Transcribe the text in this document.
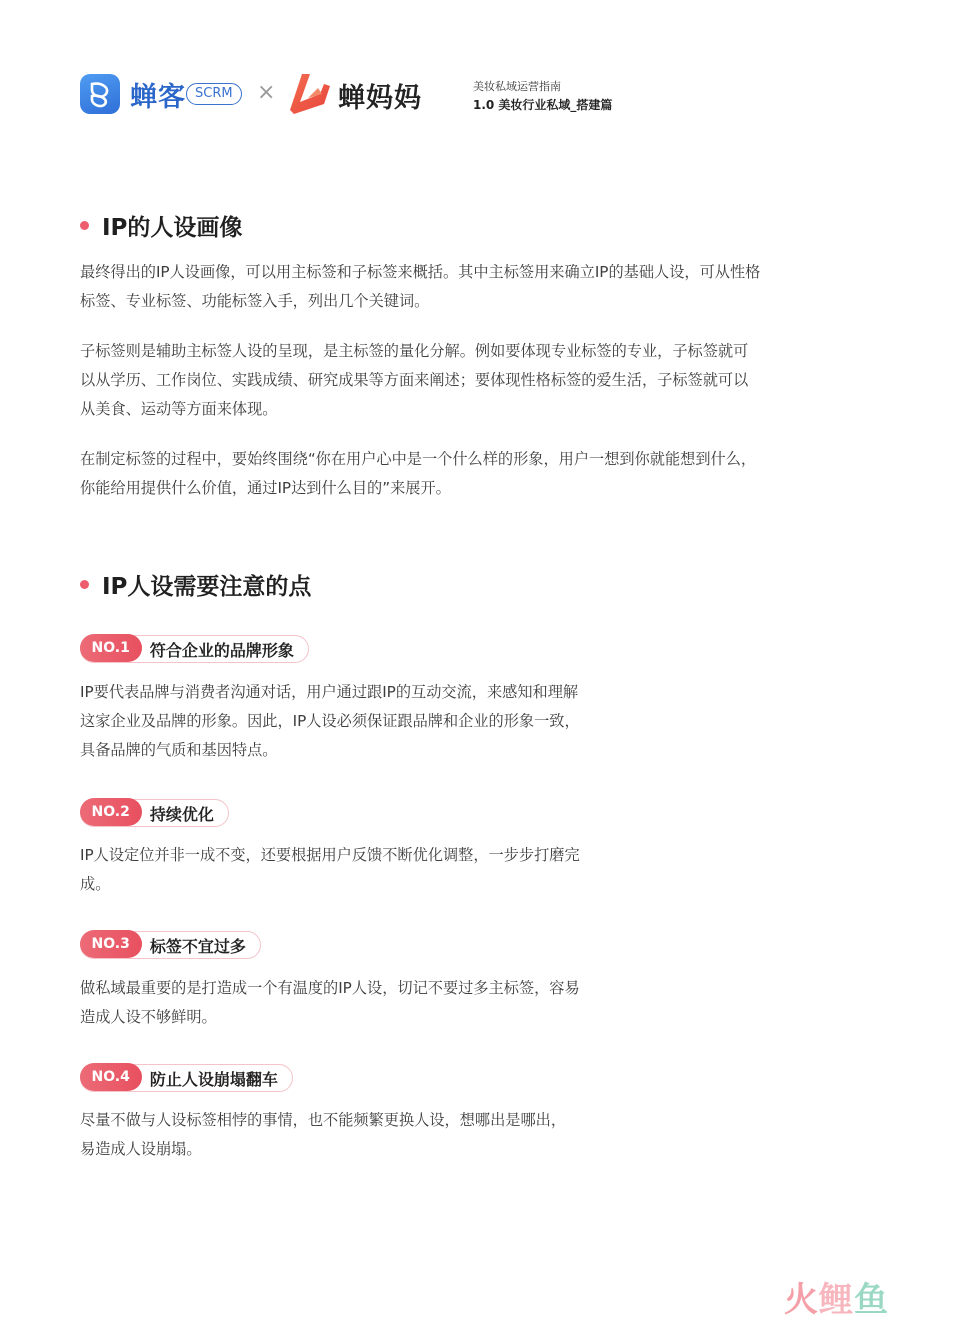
蝉客 SCRM	× 蝉妈妈	美妆私域运营指南
1.0 美妆行业私域_搭建篇
IP的人设画像

最终得出的IP人设画像，可以用主标签和子标签来概括。其中主标签用来确立IP的基础人设，可从性格标签、专业标签、功能标签入手，列出几个关键词。

子标签则是辅助主标签人设的呈现，是主标签的量化分解。例如要体现专业标签的专业，子标签就可以从学历、工作岗位、实践成绩、研究成果等方面来阐述；要体现性格标签的爱生活，子标签就可以从美食、运动等方面来体现。

在制定标签的过程中，要始终围绕“你在用户心中是一个什么样的形象，用户一想到你就能想到什么，你能给用提供什么价值，通过IP达到什么目的”来展开。

IP人设需要注意的点
NO.1	符合企业的品牌形象

IP要代表品牌与消费者沟通对话，用户通过跟IP的互动交流，来感知和理解这家企业及品牌的形象。因此，IP人设必须保证跟品牌和企业的形象一致，具备品牌的气质和基因特点。

NO.2	持续优化

IP人设定位并非一成不变，还要根据用户反馈不断优化调整，一步步打磨完成。

NO.3	标签不宜过多

做私域最重要的是打造成一个有温度的IP人设，切记不要过多主标签，容易造成人设不够鲜明。

NO.4	防止人设崩塌翻车

尽量不做与人设标签相悖的事情，也不能频繁更换人设，想哪出是哪出，易造成人设崩塌。

火鲤鱼
